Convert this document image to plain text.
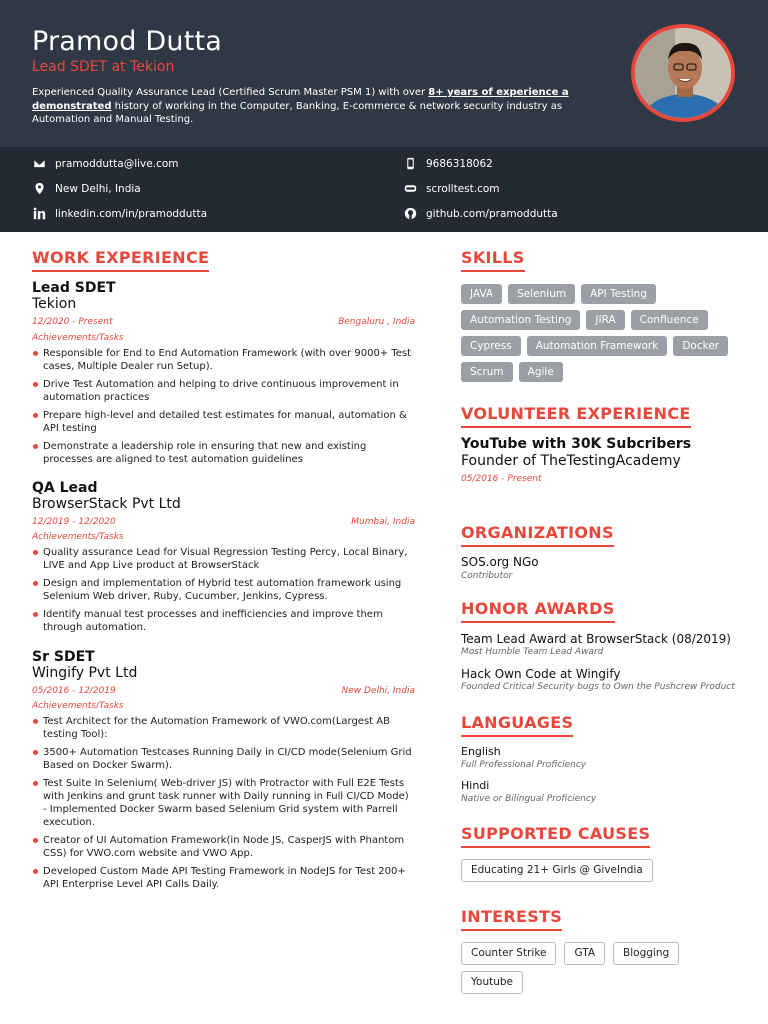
Pramod Dutta
Lead SDET at Tekion
Experienced Quality Assurance Lead (Certified Scrum Master PSM 1) with over 8+ years of experience a demonstrated history of working in the Computer, Banking, E-commerce & network security industry as Automation and Manual Testing.
pramoddutta@live.com	9686318062
New Delhi, India	scrolltest.com
linkedin.com/in/pramoddutta	github.com/pramoddutta
WORK EXPERIENCE
Lead SDET
Tekion
12/2020 - Present	Bengaluru , India
Achievements/Tasks
Responsible for End to End Automation Framework (with over 9000+ Test cases, Multiple Dealer run Setup).
Drive Test Automation and helping to drive continuous improvement in automation practices
Prepare high-level and detailed test estimates for manual, automation & API testing
Demonstrate a leadership role in ensuring that new and existing processes are aligned to test automation guidelines
QA Lead
BrowserStack Pvt Ltd
12/2019 - 12/2020	Mumbai, India
Achievements/Tasks
Quality assurance Lead for Visual Regression Testing Percy, Local Binary, LIVE and App Live product at BrowserStack
Design and implementation of Hybrid test automation framework using Selenium Web driver, Ruby, Cucumber, Jenkins, Cypress.
Identify manual test processes and inefficiencies and improve them through automation.
Sr SDET
Wingify Pvt Ltd
05/2016 - 12/2019	New Delhi, India
Achievements/Tasks
Test Architect for the Automation Framework of VWO.com(Largest AB testing Tool):
3500+ Automation Testcases Running Daily in CI/CD mode(Selenium Grid Based on Docker Swarm).
Test Suite In Selenium( Web-driver JS) with Protractor with Full E2E Tests with Jenkins and grunt task runner with Daily running in Full CI/CD Mode) - Implemented Docker Swarm based Selenium Grid system with Parrell execution.
Creator of UI Automation Framework(in Node JS, CasperJS with Phantom CSS) for VWO.com website and VWO App.
Developed Custom Made API Testing Framework in NodeJS for Test 200+ API Enterprise Level API Calls Daily.
SKILLS
JAVA	Selenium	API Testing
Automation Testing	JIRA	Confluence
Cypress	Automation Framework	Docker
Scrum	Agile
VOLUNTEER EXPERIENCE
YouTube with 30K Subcribers
Founder of TheTestingAcademy
05/2016 - Present
ORGANIZATIONS
SOS.org NGo
Contributor
HONOR AWARDS
Team Lead Award at BrowserStack (08/2019)
Most Humble Team Lead Award
Hack Own Code at Wingify
Founded Critical Security bugs to Own the Pushcrew Product
LANGUAGES
English
Full Professional Proficiency
Hindi
Native or Bilingual Proficiency
SUPPORTED CAUSES
Educating 21+ Girls @ GiveIndia
INTERESTS
Counter Strike	GTA	Blogging
Youtube
